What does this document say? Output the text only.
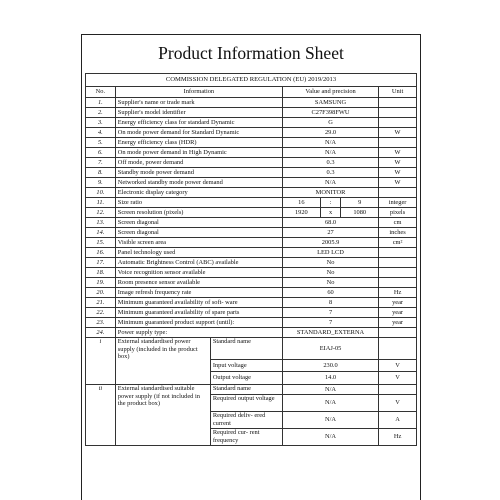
Product Information Sheet
COMMISSION DELEGATED REGULATION (EU) 2019/2013						
No.	Information		Value and precision			Unit
1.	Supplier's name or trade mark		SAMSUNG			
2.	Supplier's model identifier		C27F398FWU			
3.	Energy efficiency class for standard Dynamic		G			
4.	On mode power demand for Standard Dynamic		29.0			W
5.	Energy efficiency class (HDR)		N/A			
6.	On mode power demand in High Dynamic		N/A			W
7.	Off mode, power demand		0.3			W
8.	Standby mode power demand		0.3			W
9.	Networked standby mode power demand		N/A			W
10.	Electronic display category		MONITOR			
11.	Size ratio		16	:	9	integer
12.	Screen resolution (pixels)		1920	x	1080	pixels
13.	Screen diagonal		68.0			cm
14.	Screen diagonal		27			inches
15.	Visible screen area		2005.9			cm²
16.	Panel technology used		LED LCD			
17.	Automatic Brightness Control (ABC) available		No			
18.	Voice recognition sensor available		No			
19.	Room presence sensor available		No			
20.	Image refresh frequency rate		60			Hz
21.	Minimum guaranteed availability of soft- ware		8			year
22.	Minimum guaranteed availability of spare parts		7			year
23.	Minimum guaranteed product support (until):		7			year
24.	Power supply type:		STANDARD_EXTERNA			
i	External standardised power supply (included in the product box)	Standard name	EIAJ-05			
		Input voltage	230.0			V
		Output voltage	14.0			V
ii	External standardised suitable power supply (if not included in the product box)	Standard name	N/A			
		Required output voltage	N/A			V
		Required deliv- ered current	N/A			A
		Required cur- rent frequency	N/A			Hz
